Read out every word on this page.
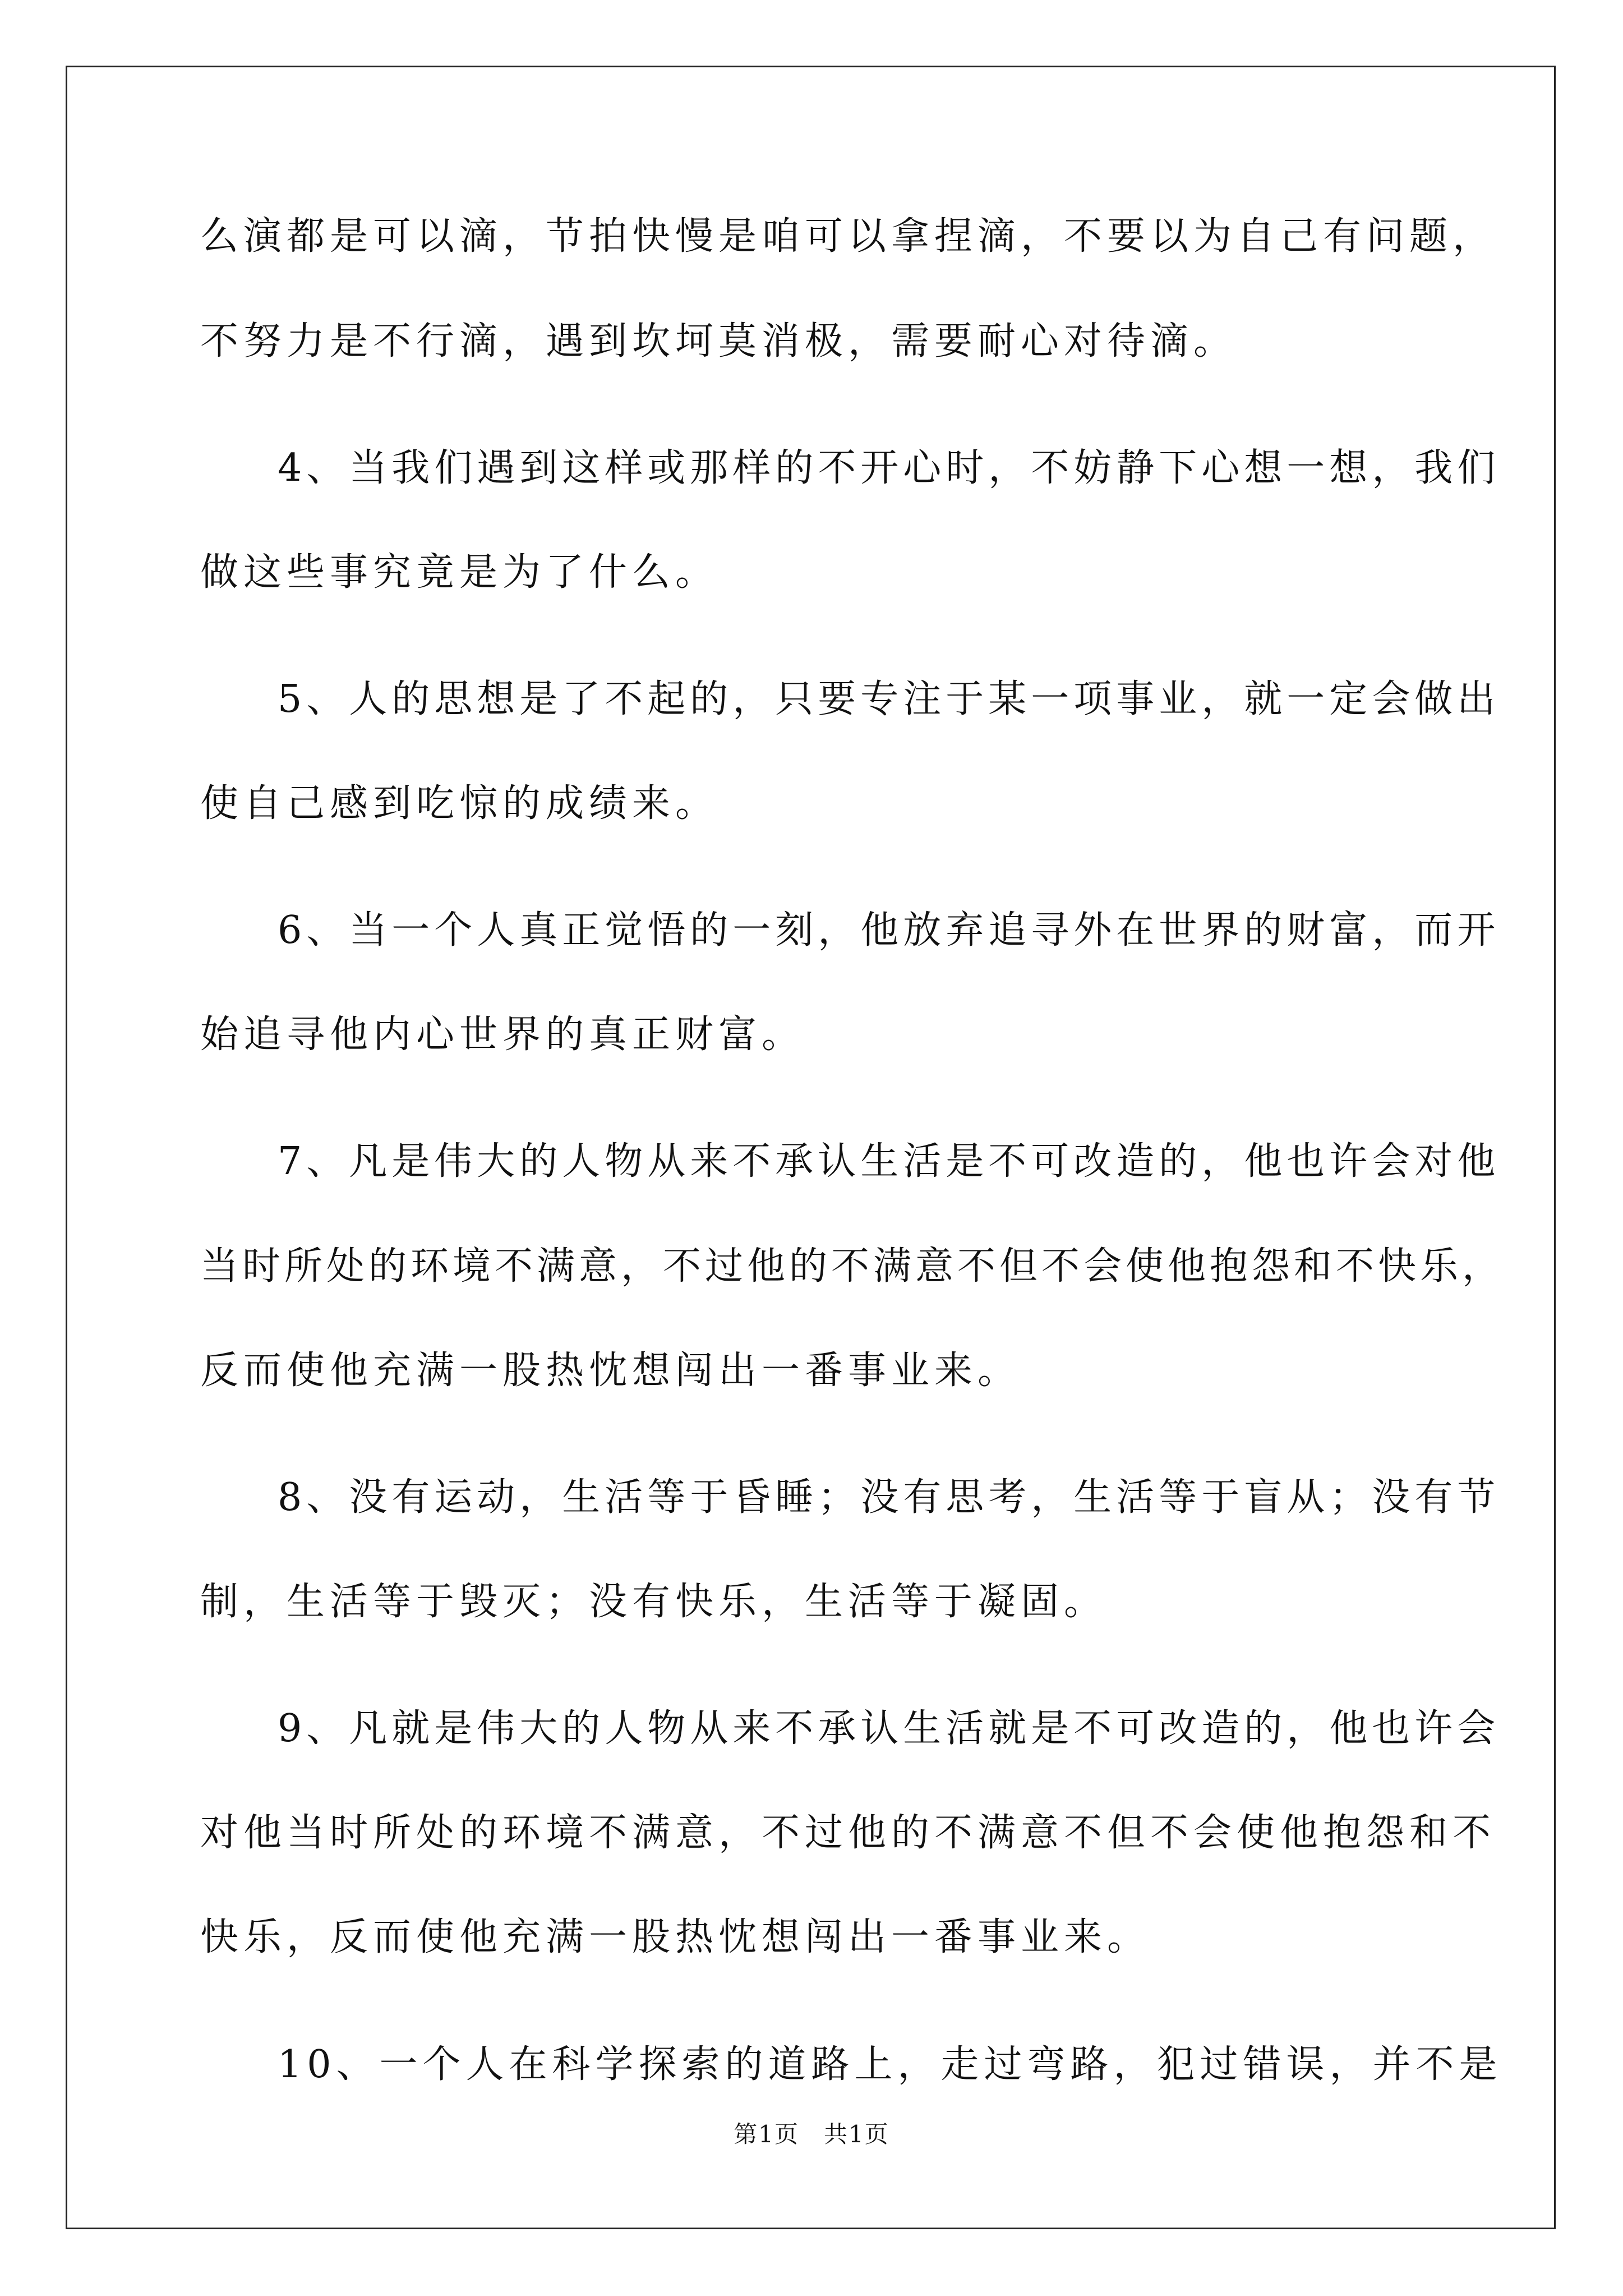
么演都是可以滴，节拍快慢是咱可以拿捏滴，不要以为自己有问题，

不努力是不行滴，遇到坎坷莫消极，需要耐心对待滴。

4、当我们遇到这样或那样的不开心时，不妨静下心想一想，我们

做这些事究竟是为了什么。

5、人的思想是了不起的，只要专注于某一项事业，就一定会做出

使自己感到吃惊的成绩来。

6、当一个人真正觉悟的一刻，他放弃追寻外在世界的财富，而开

始追寻他内心世界的真正财富。

7、凡是伟大的人物从来不承认生活是不可改造的，他也许会对他

当时所处的环境不满意，不过他的不满意不但不会使他抱怨和不快乐，

反而使他充满一股热忱想闯出一番事业来。

8、没有运动，生活等于昏睡；没有思考，生活等于盲从；没有节

制，生活等于毁灭；没有快乐，生活等于凝固。

9、凡就是伟大的人物从来不承认生活就是不可改造的，他也许会

对他当时所处的环境不满意，不过他的不满意不但不会使他抱怨和不

快乐，反而使他充满一股热忱想闯出一番事业来。

10、一个人在科学探索的道路上，走过弯路，犯过错误，并不是

第1页　共1页
